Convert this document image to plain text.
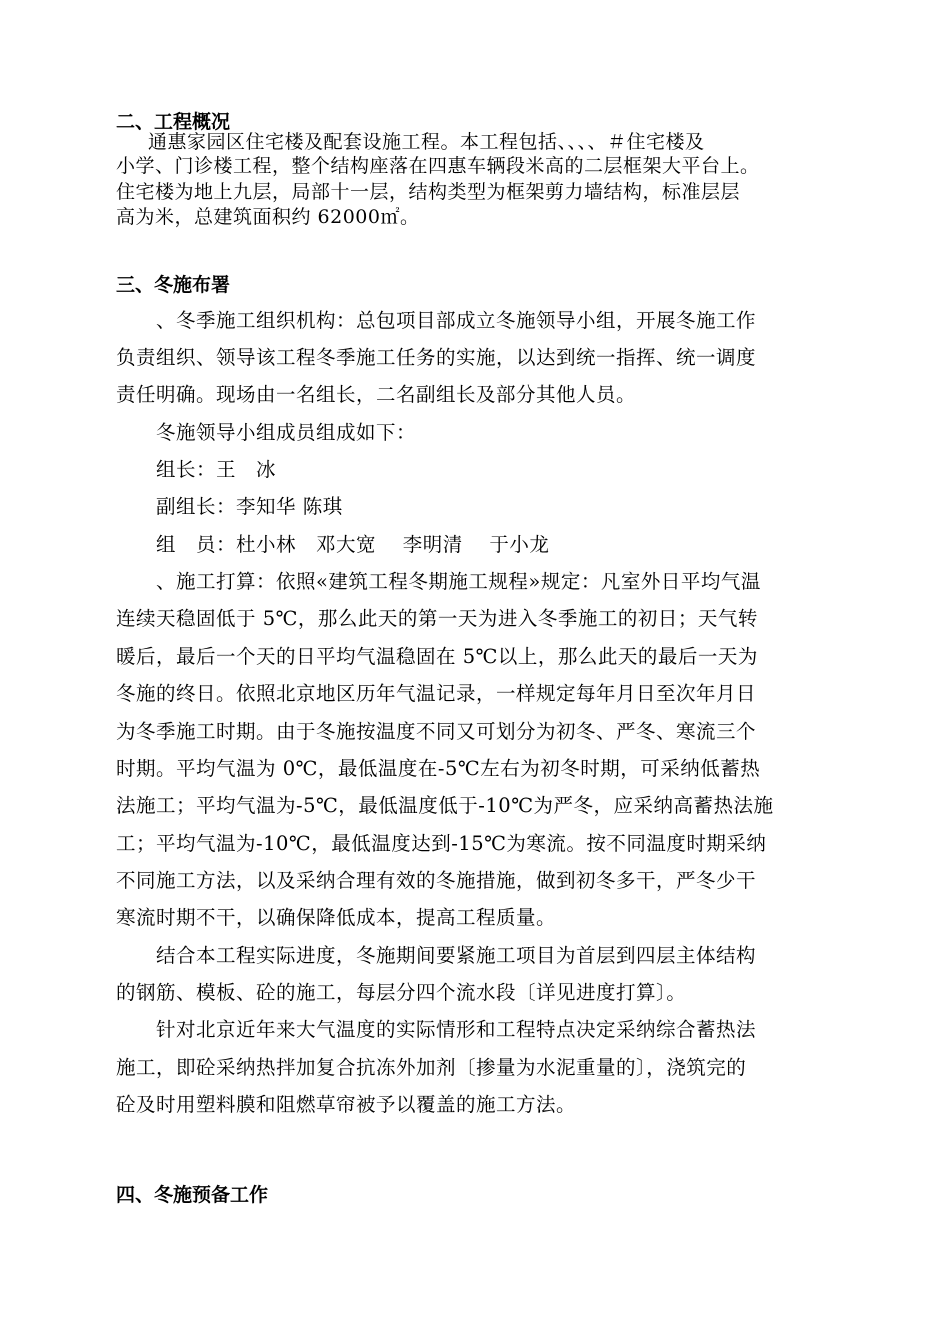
二、工程概况
通惠家园区住宅楼及配套设施工程。本工程包括、、、、＃住宅楼及
小学、门诊楼工程，整个结构座落在四惠车辆段米高的二层框架大平台上。
住宅楼为地上九层，局部十一层，结构类型为框架剪力墙结构，标准层层
高为米，总建筑面积约 62000㎡。
三、冬施布署
、冬季施工组织机构：总包项目部成立冬施领导小组，开展冬施工作
负责组织、领导该工程冬季施工任务的实施，以达到统一指挥、统一调度
责任明确。现场由一名组长，二名副组长及部分其他人员。
冬施领导小组成员组成如下：
组长：王　冰
副组长：李知华 陈琪
组　员：杜小林　邓大宽　 李明清　 于小龙
、施工打算：依照«建筑工程冬期施工规程»规定：凡室外日平均气温
连续天稳固低于 5℃，那么此天的第一天为进入冬季施工的初日；天气转
暖后，最后一个天的日平均气温稳固在 5℃以上，那么此天的最后一天为
冬施的终日。依照北京地区历年气温记录，一样规定每年月日至次年月日
为冬季施工时期。由于冬施按温度不同又可划分为初冬、严冬、寒流三个
时期。平均气温为 0℃，最低温度在-5℃左右为初冬时期，可采纳低蓄热
法施工；平均气温为-5℃，最低温度低于-10℃为严冬，应采纳高蓄热法施
工；平均气温为-10℃，最低温度达到-15℃为寒流。按不同温度时期采纳
不同施工方法，以及采纳合理有效的冬施措施，做到初冬多干，严冬少干
寒流时期不干，以确保降低成本，提高工程质量。
结合本工程实际进度，冬施期间要紧施工项目为首层到四层主体结构
的钢筋、模板、砼的施工，每层分四个流水段〔详见进度打算〕。
针对北京近年来大气温度的实际情形和工程特点决定采纳综合蓄热法
施工，即砼采纳热拌加复合抗冻外加剂〔掺量为水泥重量的〕，浇筑完的
砼及时用塑料膜和阻燃草帘被予以覆盖的施工方法。
四、冬施预备工作
